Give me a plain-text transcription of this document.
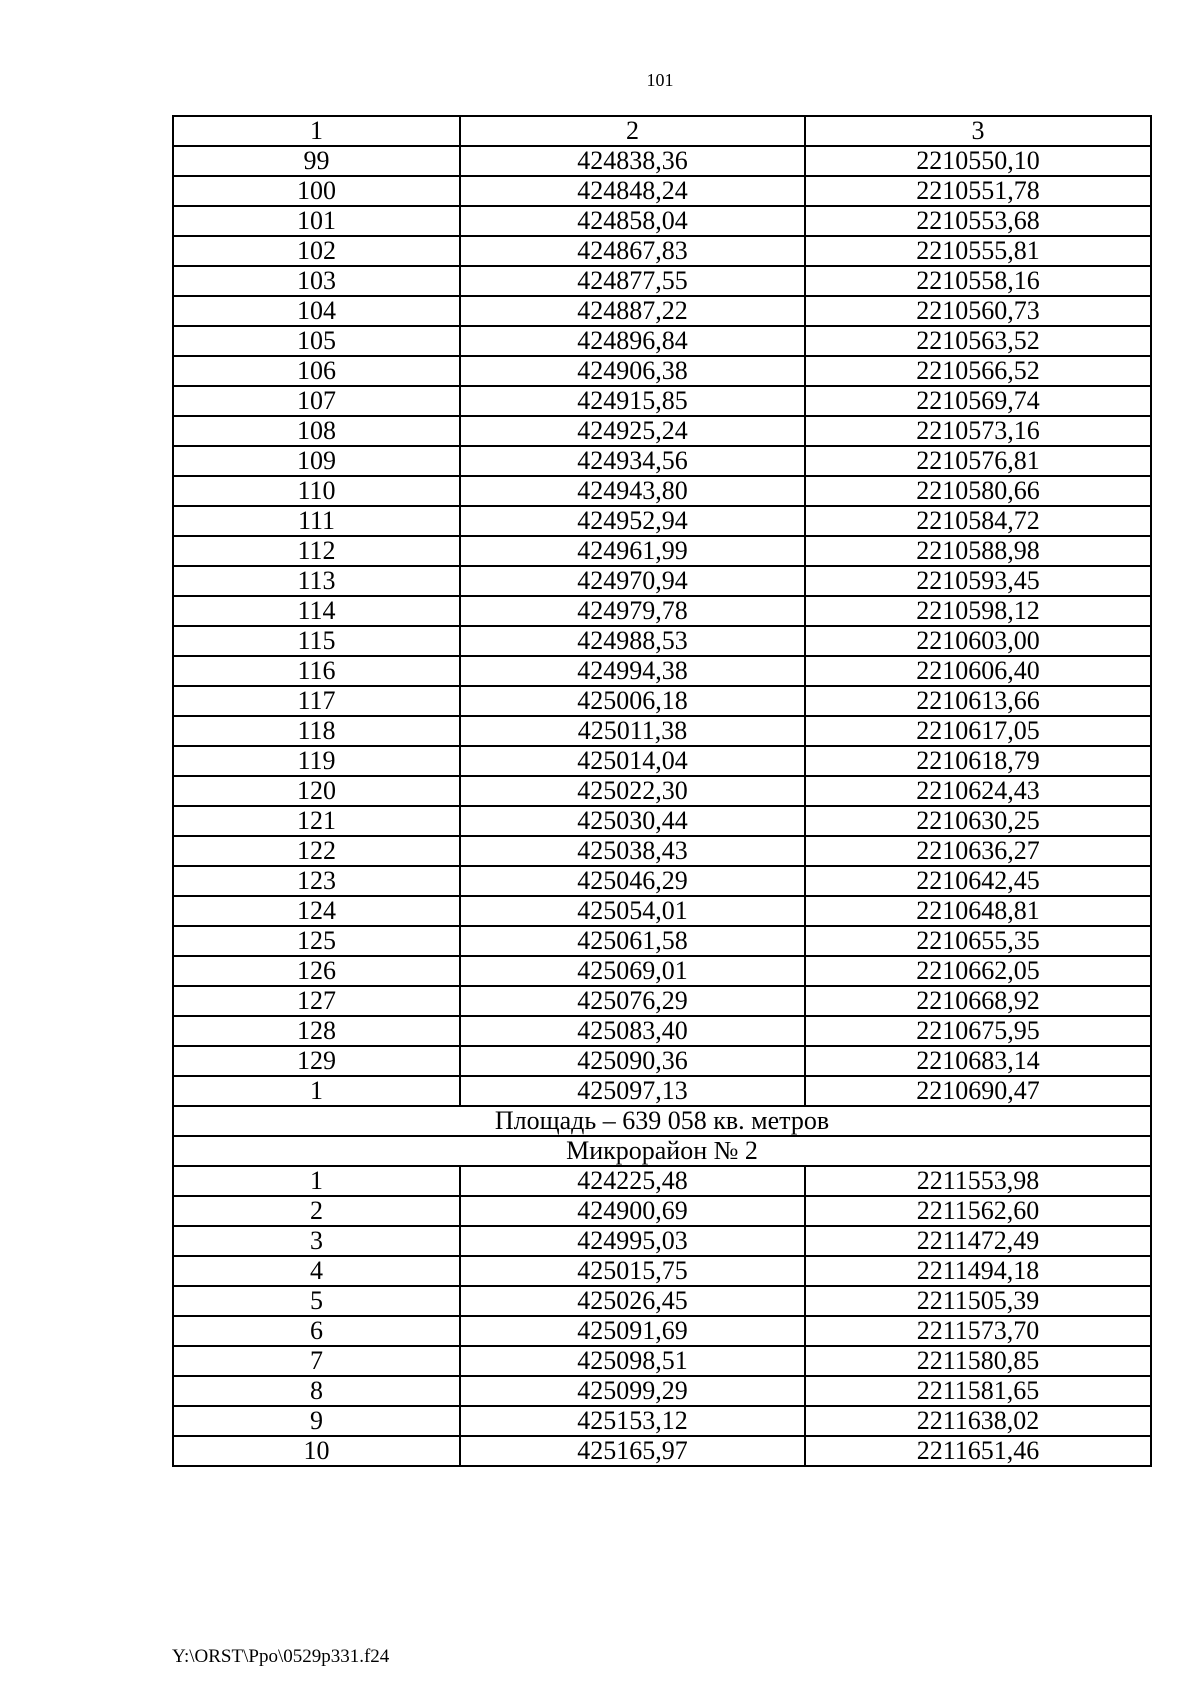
101
1	2	3
99	424838,36	2210550,10
100	424848,24	2210551,78
101	424858,04	2210553,68
102	424867,83	2210555,81
103	424877,55	2210558,16
104	424887,22	2210560,73
105	424896,84	2210563,52
106	424906,38	2210566,52
107	424915,85	2210569,74
108	424925,24	2210573,16
109	424934,56	2210576,81
110	424943,80	2210580,66
111	424952,94	2210584,72
112	424961,99	2210588,98
113	424970,94	2210593,45
114	424979,78	2210598,12
115	424988,53	2210603,00
116	424994,38	2210606,40
117	425006,18	2210613,66
118	425011,38	2210617,05
119	425014,04	2210618,79
120	425022,30	2210624,43
121	425030,44	2210630,25
122	425038,43	2210636,27
123	425046,29	2210642,45
124	425054,01	2210648,81
125	425061,58	2210655,35
126	425069,01	2210662,05
127	425076,29	2210668,92
128	425083,40	2210675,95
129	425090,36	2210683,14
1	425097,13	2210690,47
Площадь – 639 058 кв. метров		
Микрорайон № 2		
1	424225,48	2211553,98
2	424900,69	2211562,60
3	424995,03	2211472,49
4	425015,75	2211494,18
5	425026,45	2211505,39
6	425091,69	2211573,70
7	425098,51	2211580,85
8	425099,29	2211581,65
9	425153,12	2211638,02
10	425165,97	2211651,46
Y:\ORST\Ppo\0529p331.f24
